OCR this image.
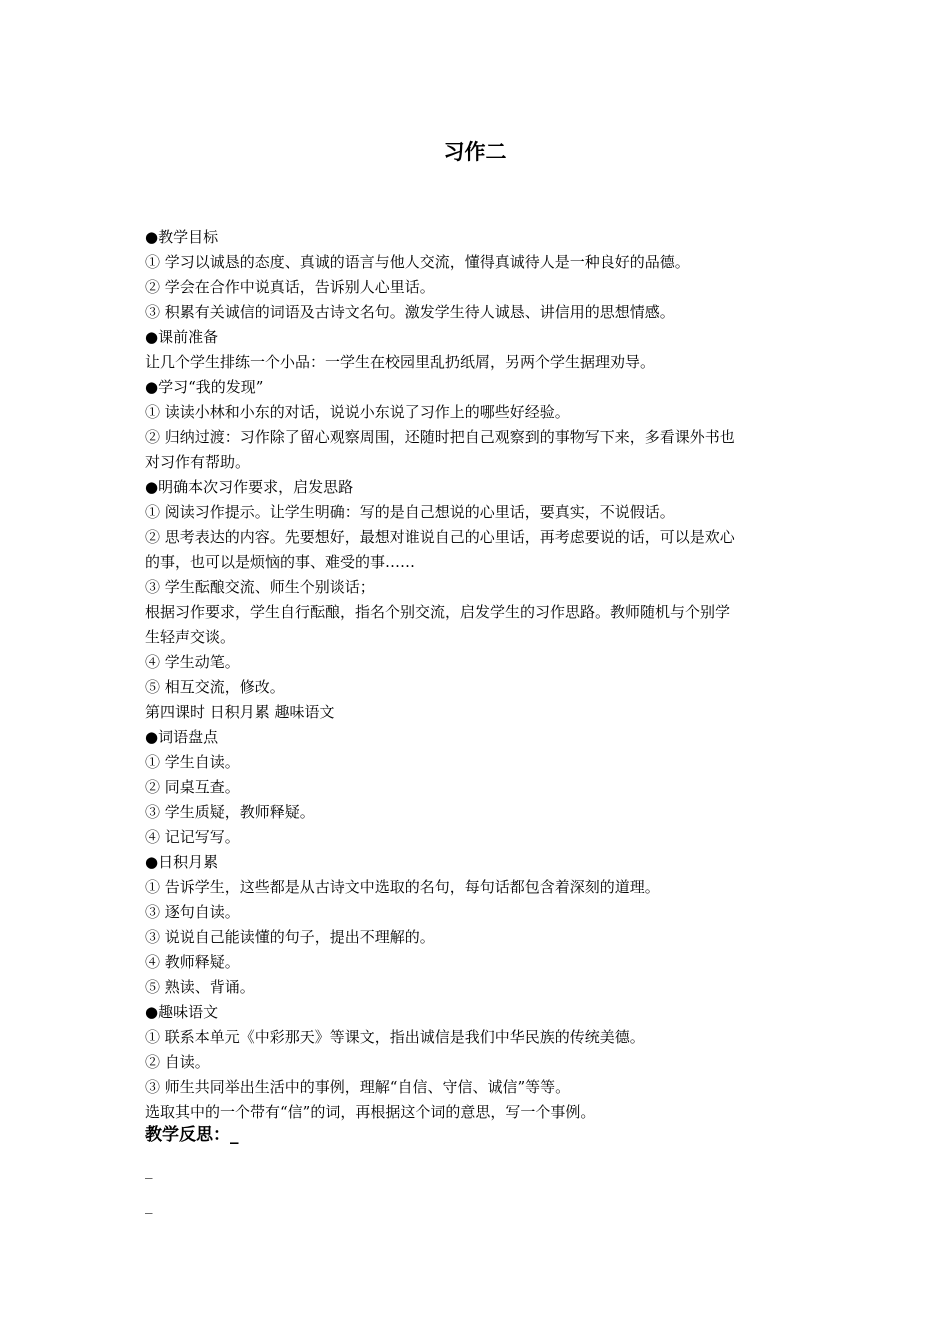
习作二

●教学目标

① 学习以诚恳的态度、真诚的语言与他人交流，懂得真诚待人是一种良好的品德。

② 学会在合作中说真话，告诉别人心里话。

③ 积累有关诚信的词语及古诗文名句。激发学生待人诚恳、讲信用的思想情感。

●课前准备

让几个学生排练一个小品：一学生在校园里乱扔纸屑，另两个学生据理劝导。

●学习“我的发现”

① 读读小林和小东的对话，说说小东说了习作上的哪些好经验。

② 归纳过渡：习作除了留心观察周围，还随时把自己观察到的事物写下来，多看课外书也

对习作有帮助。

●明确本次习作要求，启发思路

① 阅读习作提示。让学生明确：写的是自己想说的心里话，要真实，不说假话。

② 思考表达的内容。先要想好，最想对谁说自己的心里话，再考虑要说的话，可以是欢心

的事，也可以是烦恼的事、难受的事……

③ 学生酝酿交流、师生个别谈话；

根据习作要求，学生自行酝酿，指名个别交流，启发学生的习作思路。教师随机与个别学

生轻声交谈。

④ 学生动笔。

⑤ 相互交流，修改。

第四课时 日积月累 趣味语文

●词语盘点

① 学生自读。

② 同桌互查。

③ 学生质疑，教师释疑。

④ 记记写写。

●日积月累

① 告诉学生，这些都是从古诗文中选取的名句，每句话都包含着深刻的道理。

③ 逐句自读。

③ 说说自己能读懂的句子，提出不理解的。

④ 教师释疑。

⑤ 熟读、背诵。

●趣味语文

① 联系本单元《中彩那天》等课文，指出诚信是我们中华民族的传统美德。

② 自读。

③ 师生共同举出生活中的事例，理解“自信、守信、诚信”等等。

选取其中的一个带有“信”的词，再根据这个词的意思，写一个事例。

教学反思：_

_

_
